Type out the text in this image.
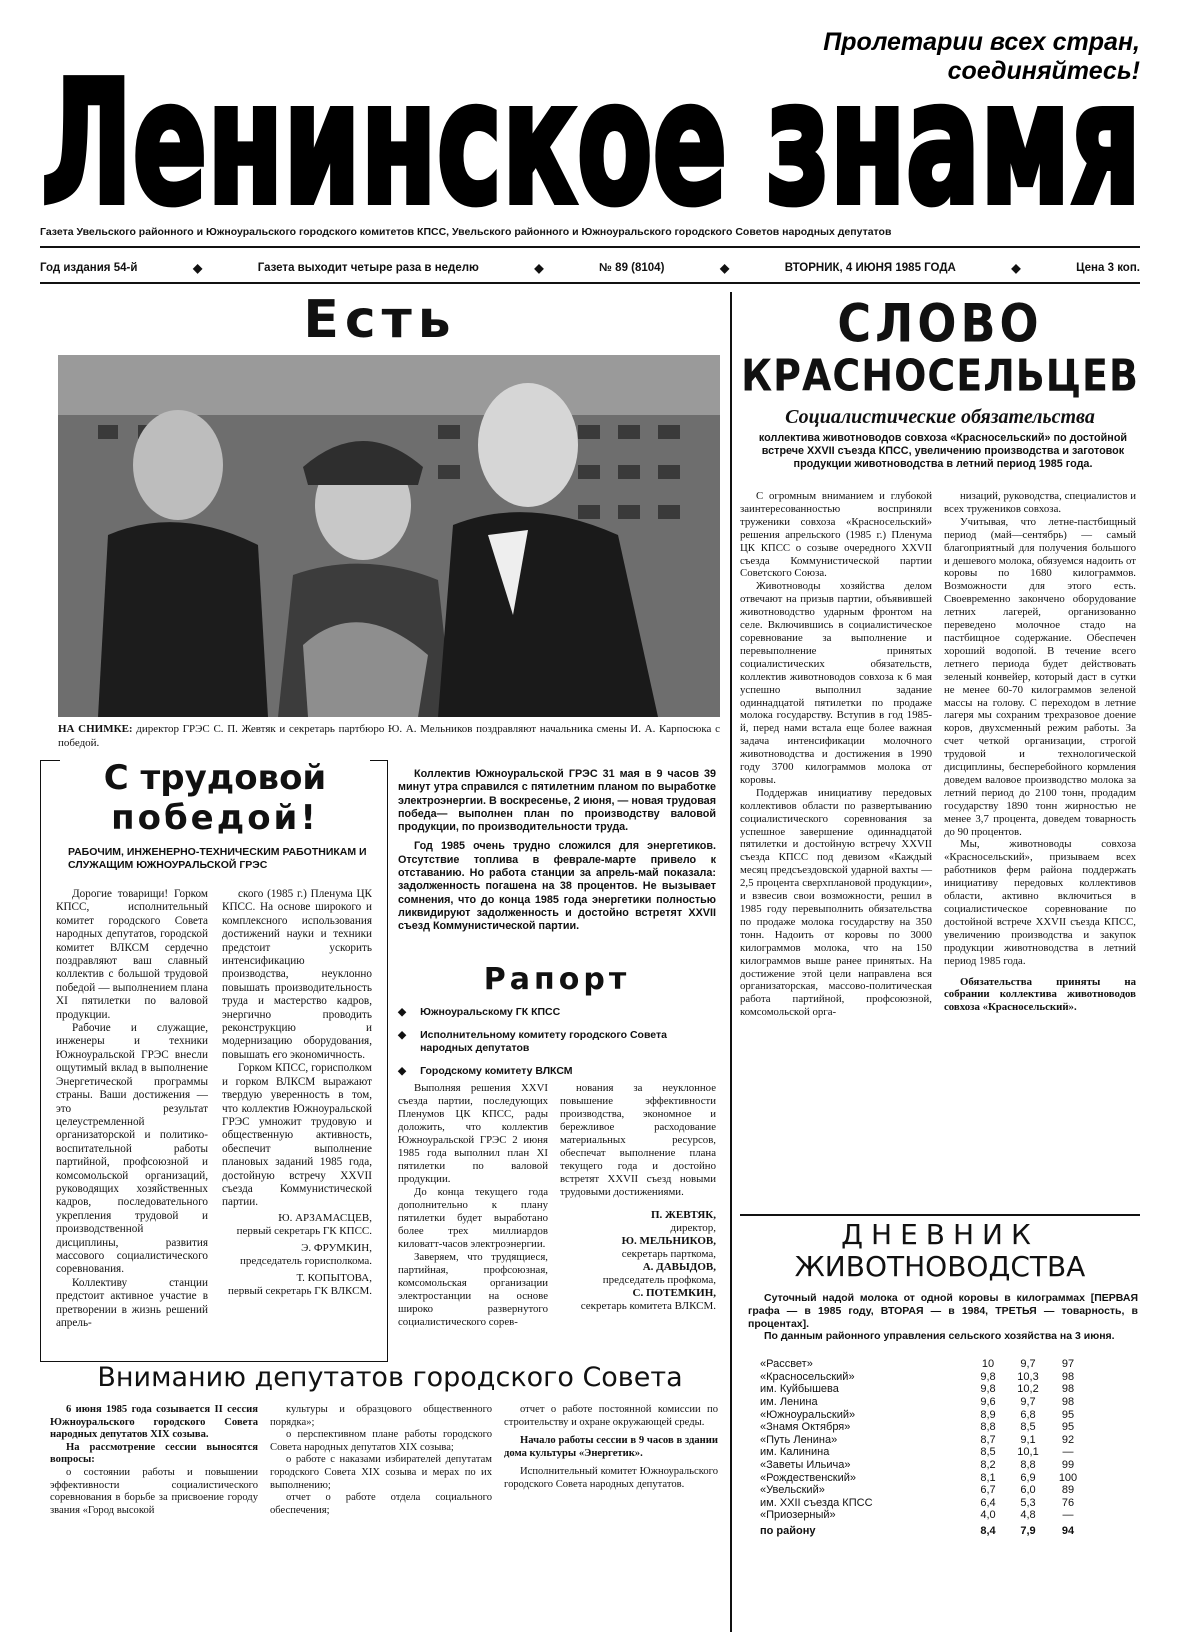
Пролетарии всех стран, соединяйтесь!
Ленинское знамя
Газета Увельского районного и Южноуральского городского комитетов КПСС, Увельского районного и Южноуральского городского Советов народных депутатов
Год издания 54-й	◆	Газета выходит четыре раза в неделю	◆	№ 89 (8104)	◆	ВТОРНИК, 4 ИЮНЯ 1985 ГОДА	◆	Цена 3 коп.
Есть
НА СНИМКЕ: директор ГРЭС С. П. Жевтяк и секретарь партбюро Ю. А. Мельников поздравляют начальника смены И. А. Карпосюка с победой.
С трудовой
победой!
РАБОЧИМ, ИНЖЕНЕРНО-ТЕХНИЧЕСКИМ РАБОТНИКАМ И СЛУЖАЩИМ ЮЖНОУРАЛЬСКОЙ ГРЭС

Дорогие товарищи! Горком КПСС, исполнительный комитет городского Совета народных депутатов, городской комитет ВЛКСМ сердечно поздравляют ваш славный коллектив с большой трудовой победой — выполнением плана XI пятилетки по валовой продукции.

Рабочие и служащие, инженеры и техники Южноуральской ГРЭС внесли ощутимый вклад в выполнение Энергетической программы страны. Ваши достижения — это результат целеустремленной организаторской и политико-воспитательной работы партийной, профсоюзной и комсомольской организаций, руководящих хозяйственных кадров, последовательного укрепления трудовой и производственной дисциплины, развития массового социалистического соревнования.

Коллективу станции предстоит активное участие в претворении в жизнь решений апрель-

ского (1985 г.) Пленума ЦК КПСС. На основе широкого и комплексного использования достижений науки и техники предстоит ускорить интенсификацию производства, неуклонно повышать производительность труда и мастерство кадров, энергично проводить реконструкцию и модернизацию оборудования, повышать его экономичность.

Горком КПСС, горисполком и горком ВЛКСМ выражают твердую уверенность в том, что коллектив Южноуральской ГРЭС умножит трудовую и общественную активность, обеспечит выполнение плановых заданий 1985 года, достойную встречу XXVII съезда Коммунистической партии.

Ю. АРЗАМАСЦЕВ,
первый секретарь ГК КПСС.
Э. ФРУМКИН,
председатель горисполкома.
Т. КОПЫТОВА,
первый секретарь ГК ВЛКСМ.

Коллектив Южноуральской ГРЭС 31 мая в 9 часов 39 минут утра справился с пятилетним планом по выработке электроэнергии. В воскресенье, 2 июня, — новая трудовая победа— выполнен план по производству валовой продукции, по производительности труда.

Год 1985 очень трудно сложился для энергетиков. Отсутствие топлива в феврале-марте привело к отставанию. Но работа станции за апрель-май показала: задолженность погашена на 38 процентов. Не вызывает сомнения, что до конца 1985 года энергетики полностью ликвидируют задолженность и достойно встретят XXVII съезд Коммунистической партии.

Рапорт
◆ Южноуральскому ГК КПСС
◆ Исполнительному комитету городского Совета народных депутатов
◆ Городскому комитету ВЛКСМ

Выполняя решения XXVI съезда партии, последующих Пленумов ЦК КПСС, рады доложить, что коллектив Южноуральской ГРЭС 2 июня 1985 года выполнил план XI пятилетки по валовой продукции.

До конца текущего года дополнительно к плану пятилетки будет выработано более трех миллиардов киловатт-часов электроэнергии.

Заверяем, что трудящиеся, партийная, профсоюзная, комсомольская организации электростанции на основе широко развернутого социалистического сорев-

нования за неуклонное повышение эффективности производства, экономное и бережливое расходование материальных ресурсов, обеспечат выполнение плана текущего года и достойно встретят XXVII съезд новыми трудовыми достижениями.

П. ЖЕВТЯК,
директор,
Ю. МЕЛЬНИКОВ,
секретарь парткома,
А. ДАВЫДОВ,
председатель профкома,
С. ПОТЕМКИН,
секретарь комитета ВЛКСМ.
Вниманию депутатов городского Совета

6 июня 1985 года созывается II сессия Южноуральского городского Совета народных депутатов XIX созыва.

На рассмотрение сессии выносятся вопросы:

о состоянии работы и повышении эффективности социалистического соревнования в борьбе за присвоение городу звания «Город высокой

культуры и образцового общественного порядка»;

о перспективном плане работы городского Совета народных депутатов XIX созыва;

о работе с наказами избирателей депутатам городского Совета XIX созыва и мерах по их выполнению;

отчет о работе отдела социального обеспечения;

отчет о работе постоянной комиссии по строительству и охране окружающей среды.

Начало работы сессии в 9 часов в здании дома культуры «Энергетик».

Исполнительный комитет Южноуральского городского Совета народных депутатов.

СЛОВО
КРАСНОСЕЛЬЦЕВ
Социалистические обязательства
коллектива животноводов совхоза «Красносельский» по достойной встрече XXVII съезда КПСС, увеличению производства и заготовок продукции животноводства в летний период 1985 года.

С огромным вниманием и глубокой заинтересованностью восприняли труженики совхоза «Красносельский» решения апрельского (1985 г.) Пленума ЦК КПСС о созыве очередного XXVII съезда Коммунистической партии Советского Союза.

Животноводы хозяйства делом отвечают на призыв партии, объявившей животноводство ударным фронтом на селе. Включившись в социалистическое соревнование за выполнение и перевыполнение принятых социалистических обязательств, коллектив животноводов совхоза к 6 мая успешно выполнил задание одиннадцатой пятилетки по продаже молока государству. Вступив в год 1985-й, перед нами встала еще более важная задача интенсификации молочного животноводства и достижения в 1990 году 3700 килограммов молока от коровы.

Поддержав инициативу передовых коллективов области по развертыванию социалистического соревнования за успешное завершение одиннадцатой пятилетки и достойную встречу XXVII съезда КПСС под девизом «Каждый месяц предсъездовской ударной вахты — 2,5 процента сверхплановой продукции», и взвесив свои возможности, решил в 1985 году перевыполнить обязательства по продаже молока государству на 350 тонн. Надоить от коровы по 3000 килограммов молока, что на 150 килограммов выше ранее принятых. На достижение этой цели направлена вся организаторская, массово-политическая работа партийной, профсоюзной, комсомольской орга-

низаций, руководства, специалистов и всех тружеников совхоза.

Учитывая, что летне-пастбищный период (май—сентябрь) — самый благоприятный для получения большого и дешевого молока, обязуемся надоить от коровы по 1680 килограммов. Возможности для этого есть. Своевременно закончено оборудование летних лагерей, организованно переведено молочное стадо на пастбищное содержание. Обеспечен хороший водопой. В течение всего летнего периода будет действовать зеленый конвейер, который даст в сутки не менее 60-70 килограммов зеленой массы на голову. С переходом в летние лагеря мы сохраним трехразовое доение коров, двухсменный режим работы. За счет четкой организации, строгой трудовой и технологической дисциплины, бесперебойного кормления доведем валовое производство молока за летний период до 2100 тонн, продадим государству 1890 тонн жирностью не менее 3,7 процента, доведем товарность до 90 процентов.

Мы, животноводы совхоза «Красносельский», призываем всех работников ферм района поддержать инициативу передовых коллективов области, активно включиться в социалистическое соревнование по достойной встрече XXVII съезда КПСС, увеличению производства и закупок продукции животноводства в летний период 1985 года.

Обязательства приняты на собрании коллектива животноводов совхоза «Красносельский».

ДНЕВНИК
ЖИВОТНОВОДСТВА

Суточный надой молока от одной коровы в килограммах [ПЕРВАЯ графа — в 1985 году, ВТОРАЯ — в 1984, ТРЕТЬЯ — товарность, в процентах].

По данным районного управления сельского хозяйства на 3 июня.

«Рассвет»	10	9,7	97
«Красносельский»	9,8	10,3	98
им. Куйбышева	9,8	10,2	98
им. Ленина	9,6	9,7	98
«Южноуральский»	8,9	6,8	95
«Знамя Октября»	8,8	8,5	95
«Путь Ленина»	8,7	9,1	92
им. Калинина	8,5	10,1	—
«Заветы Ильича»	8,2	8,8	99
«Рождественский»	8,1	6,9	100
«Увельский»	6,7	6,0	89
им. XXII съезда КПСС	6,4	5,3	76
«Приозерный»	4,0	4,8	—
по району	8,4	7,9	94
